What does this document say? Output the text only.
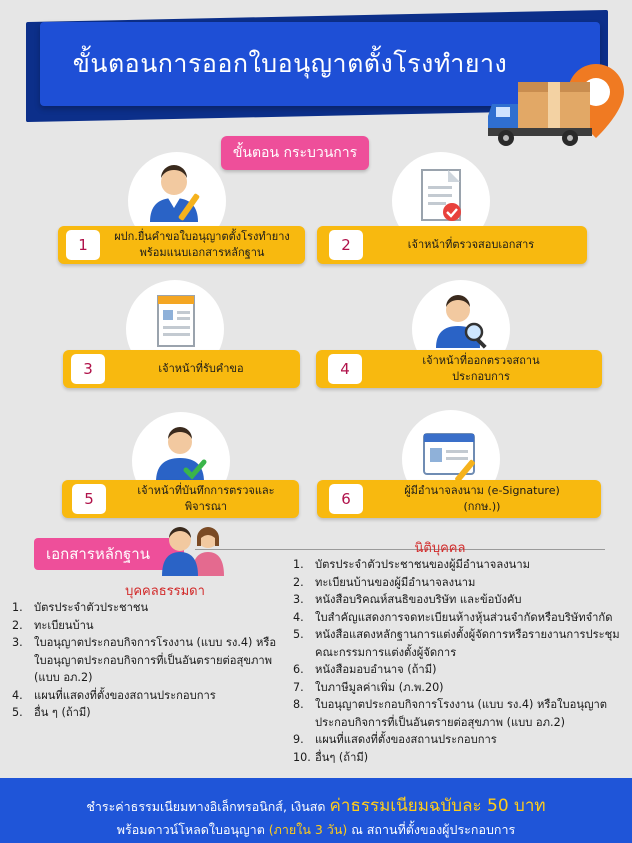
ขั้นตอนการออกใบอนุญาตตั้งโรงทำยาง
ขั้นตอน กระบวนการ
1	ผปก.ยื่นคำขอใบอนุญาตตั้งโรงทำยาง
พร้อมแนบเอกสารหลักฐาน	2	เจ้าหน้าที่ตรวจสอบเอกสาร
3	เจ้าหน้าที่รับคำขอ	4	เจ้าหน้าที่ออกตรวจสถาน
ประกอบการ
5	เจ้าหน้าที่บันทึกการตรวจและ
พิจารณา	6	ผู้มีอำนาจลงนาม (e-Signature)
(กกษ.))
เอกสารหลักฐาน
บุคคลธรรมดา
1.	บัตรประจำตัวประชาชน
2.	ทะเบียนบ้าน
3.	ใบอนุญาตประกอบกิจการโรงงาน (แบบ รง.4) หรือใบอนุญาตประกอบกิจการที่เป็นอันตรายต่อสุขภาพ (แบบ อภ.2)
4.	แผนที่แสดงที่ตั้งของสถานประกอบการ
5.	อื่น ๆ (ถ้ามี)
นิติบุคคล
1.	บัตรประจำตัวประชาชนของผู้มีอำนาจลงนาม
2.	ทะเบียนบ้านของผู้มีอำนาจลงนาม
3.	หนังสือบริคณห์สนธิของบริษัท และข้อบังคับ
4.	ใบสำคัญแสดงการจดทะเบียนห้างหุ้นส่วนจำกัดหรือบริษัทจำกัด
5.	หนังสือแสดงหลักฐานการแต่งตั้งผู้จัดการหรือรายงานการประชุมคณะกรรมการแต่งตั้งผู้จัดการ
6.	หนังสือมอบอำนาจ (ถ้ามี)
7.	ใบภาษีมูลค่าเพิ่ม (ภ.พ.20)
8.	ใบอนุญาตประกอบกิจการโรงงาน (แบบ รง.4) หรือใบอนุญาตประกอบกิจการที่เป็นอันตรายต่อสุขภาพ (แบบ อภ.2)
9.	แผนที่แสดงที่ตั้งของสถานประกอบการ
10. อื่นๆ (ถ้ามี)
ชำระค่าธรรมเนียมทางอิเล็กทรอนิกส์, เงินสด ค่าธรรมเนียมฉบับละ 50 บาท
พร้อมดาวน์โหลดใบอนุญาต (ภายใน 3 วัน) ณ สถานที่ตั้งของผู้ประกอบการ
